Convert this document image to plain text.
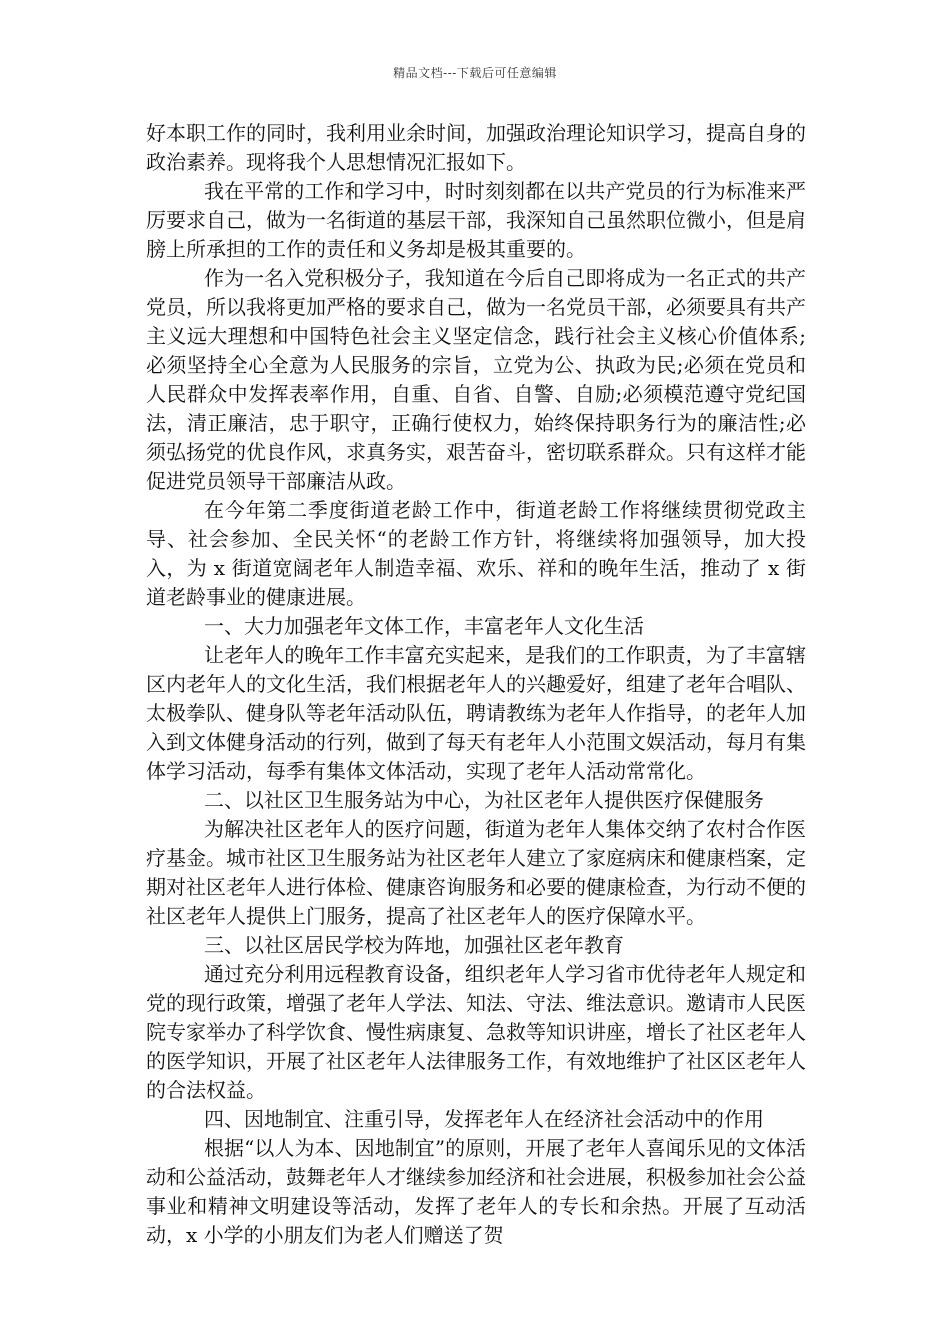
精品文档---下载后可任意编辑

好本职工作的同时，我利用业余时间，加强政治理论知识学习，提高自身的政治素养。现将我个人思想情况汇报如下。

我在平常的工作和学习中，时时刻刻都在以共产党员的行为标准来严厉要求自己，做为一名街道的基层干部，我深知自己虽然职位微小，但是肩膀上所承担的工作的责任和义务却是极其重要的。

作为一名入党积极分子，我知道在今后自己即将成为一名正式的共产党员，所以我将更加严格的要求自己，做为一名党员干部，必须要具有共产主义远大理想和中国特色社会主义坚定信念，践行社会主义核心价值体系;必须坚持全心全意为人民服务的宗旨，立党为公、执政为民;必须在党员和人民群众中发挥表率作用，自重、自省、自警、自励;必须模范遵守党纪国法，清正廉洁，忠于职守，正确行使权力，始终保持职务行为的廉洁性;必须弘扬党的优良作风，求真务实，艰苦奋斗，密切联系群众。只有这样才能促进党员领导干部廉洁从政。

在今年第二季度街道老龄工作中，街道老龄工作将继续贯彻党政主导、社会参加、全民关怀“的老龄工作方针，将继续将加强领导，加大投入，为 x 街道宽阔老年人制造幸福、欢乐、祥和的晚年生活，推动了 x 街道老龄事业的健康进展。

一、大力加强老年文体工作，丰富老年人文化生活

让老年人的晚年工作丰富充实起来，是我们的工作职责，为了丰富辖区内老年人的文化生活，我们根据老年人的兴趣爱好，组建了老年合唱队、太极拳队、健身队等老年活动队伍，聘请教练为老年人作指导，的老年人加入到文体健身活动的行列，做到了每天有老年人小范围文娱活动，每月有集体学习活动，每季有集体文体活动，实现了老年人活动常常化。

二、以社区卫生服务站为中心，为社区老年人提供医疗保健服务

为解决社区老年人的医疗问题，街道为老年人集体交纳了农村合作医疗基金。城市社区卫生服务站为社区老年人建立了家庭病床和健康档案，定期对社区老年人进行体检、健康咨询服务和必要的健康检查，为行动不便的社区老年人提供上门服务，提高了社区老年人的医疗保障水平。

三、以社区居民学校为阵地，加强社区老年教育

通过充分利用远程教育设备，组织老年人学习省市优待老年人规定和党的现行政策，增强了老年人学法、知法、守法、维法意识。邀请市人民医院专家举办了科学饮食、慢性病康复、急救等知识讲座，增长了社区老年人的医学知识，开展了社区老年人法律服务工作，有效地维护了社区区老年人的合法权益。

四、因地制宜、注重引导，发挥老年人在经济社会活动中的作用

根据“以人为本、因地制宜”的原则，开展了老年人喜闻乐见的文体活动和公益活动，鼓舞老年人才继续参加经济和社会进展，积极参加社会公益事业和精神文明建设等活动，发挥了老年人的专长和余热。开展了互动活动，x 小学的小朋友们为老人们赠送了贺
